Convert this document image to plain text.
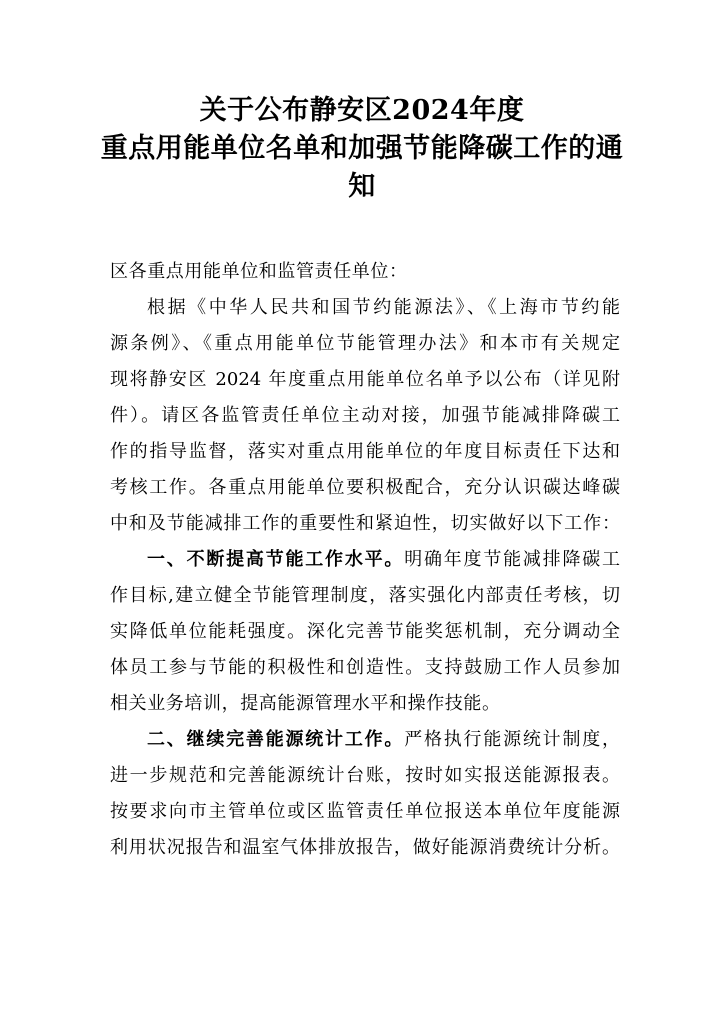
关于公布静安区2024年度
重点用能单位名单和加强节能降碳工作的通
知
区各重点用能单位和监管责任单位：
根据《中华人民共和国节约能源法》、《上海市节约能
源条例》、《重点用能单位节能管理办法》和本市有关规定
现将静安区 2024 年度重点用能单位名单予以公布（详见附
件）。请区各监管责任单位主动对接，加强节能减排降碳工
作的指导监督，落实对重点用能单位的年度目标责任下达和
考核工作。各重点用能单位要积极配合，充分认识碳达峰碳
中和及节能减排工作的重要性和紧迫性，切实做好以下工作：
一、不断提高节能工作水平。明确年度节能减排降碳工
作目标,建立健全节能管理制度，落实强化内部责任考核，切
实降低单位能耗强度。深化完善节能奖惩机制，充分调动全
体员工参与节能的积极性和创造性。支持鼓励工作人员参加
相关业务培训，提高能源管理水平和操作技能。
二、继续完善能源统计工作。严格执行能源统计制度，
进一步规范和完善能源统计台账，按时如实报送能源报表。
按要求向市主管单位或区监管责任单位报送本单位年度能源
利用状况报告和温室气体排放报告，做好能源消费统计分析。
